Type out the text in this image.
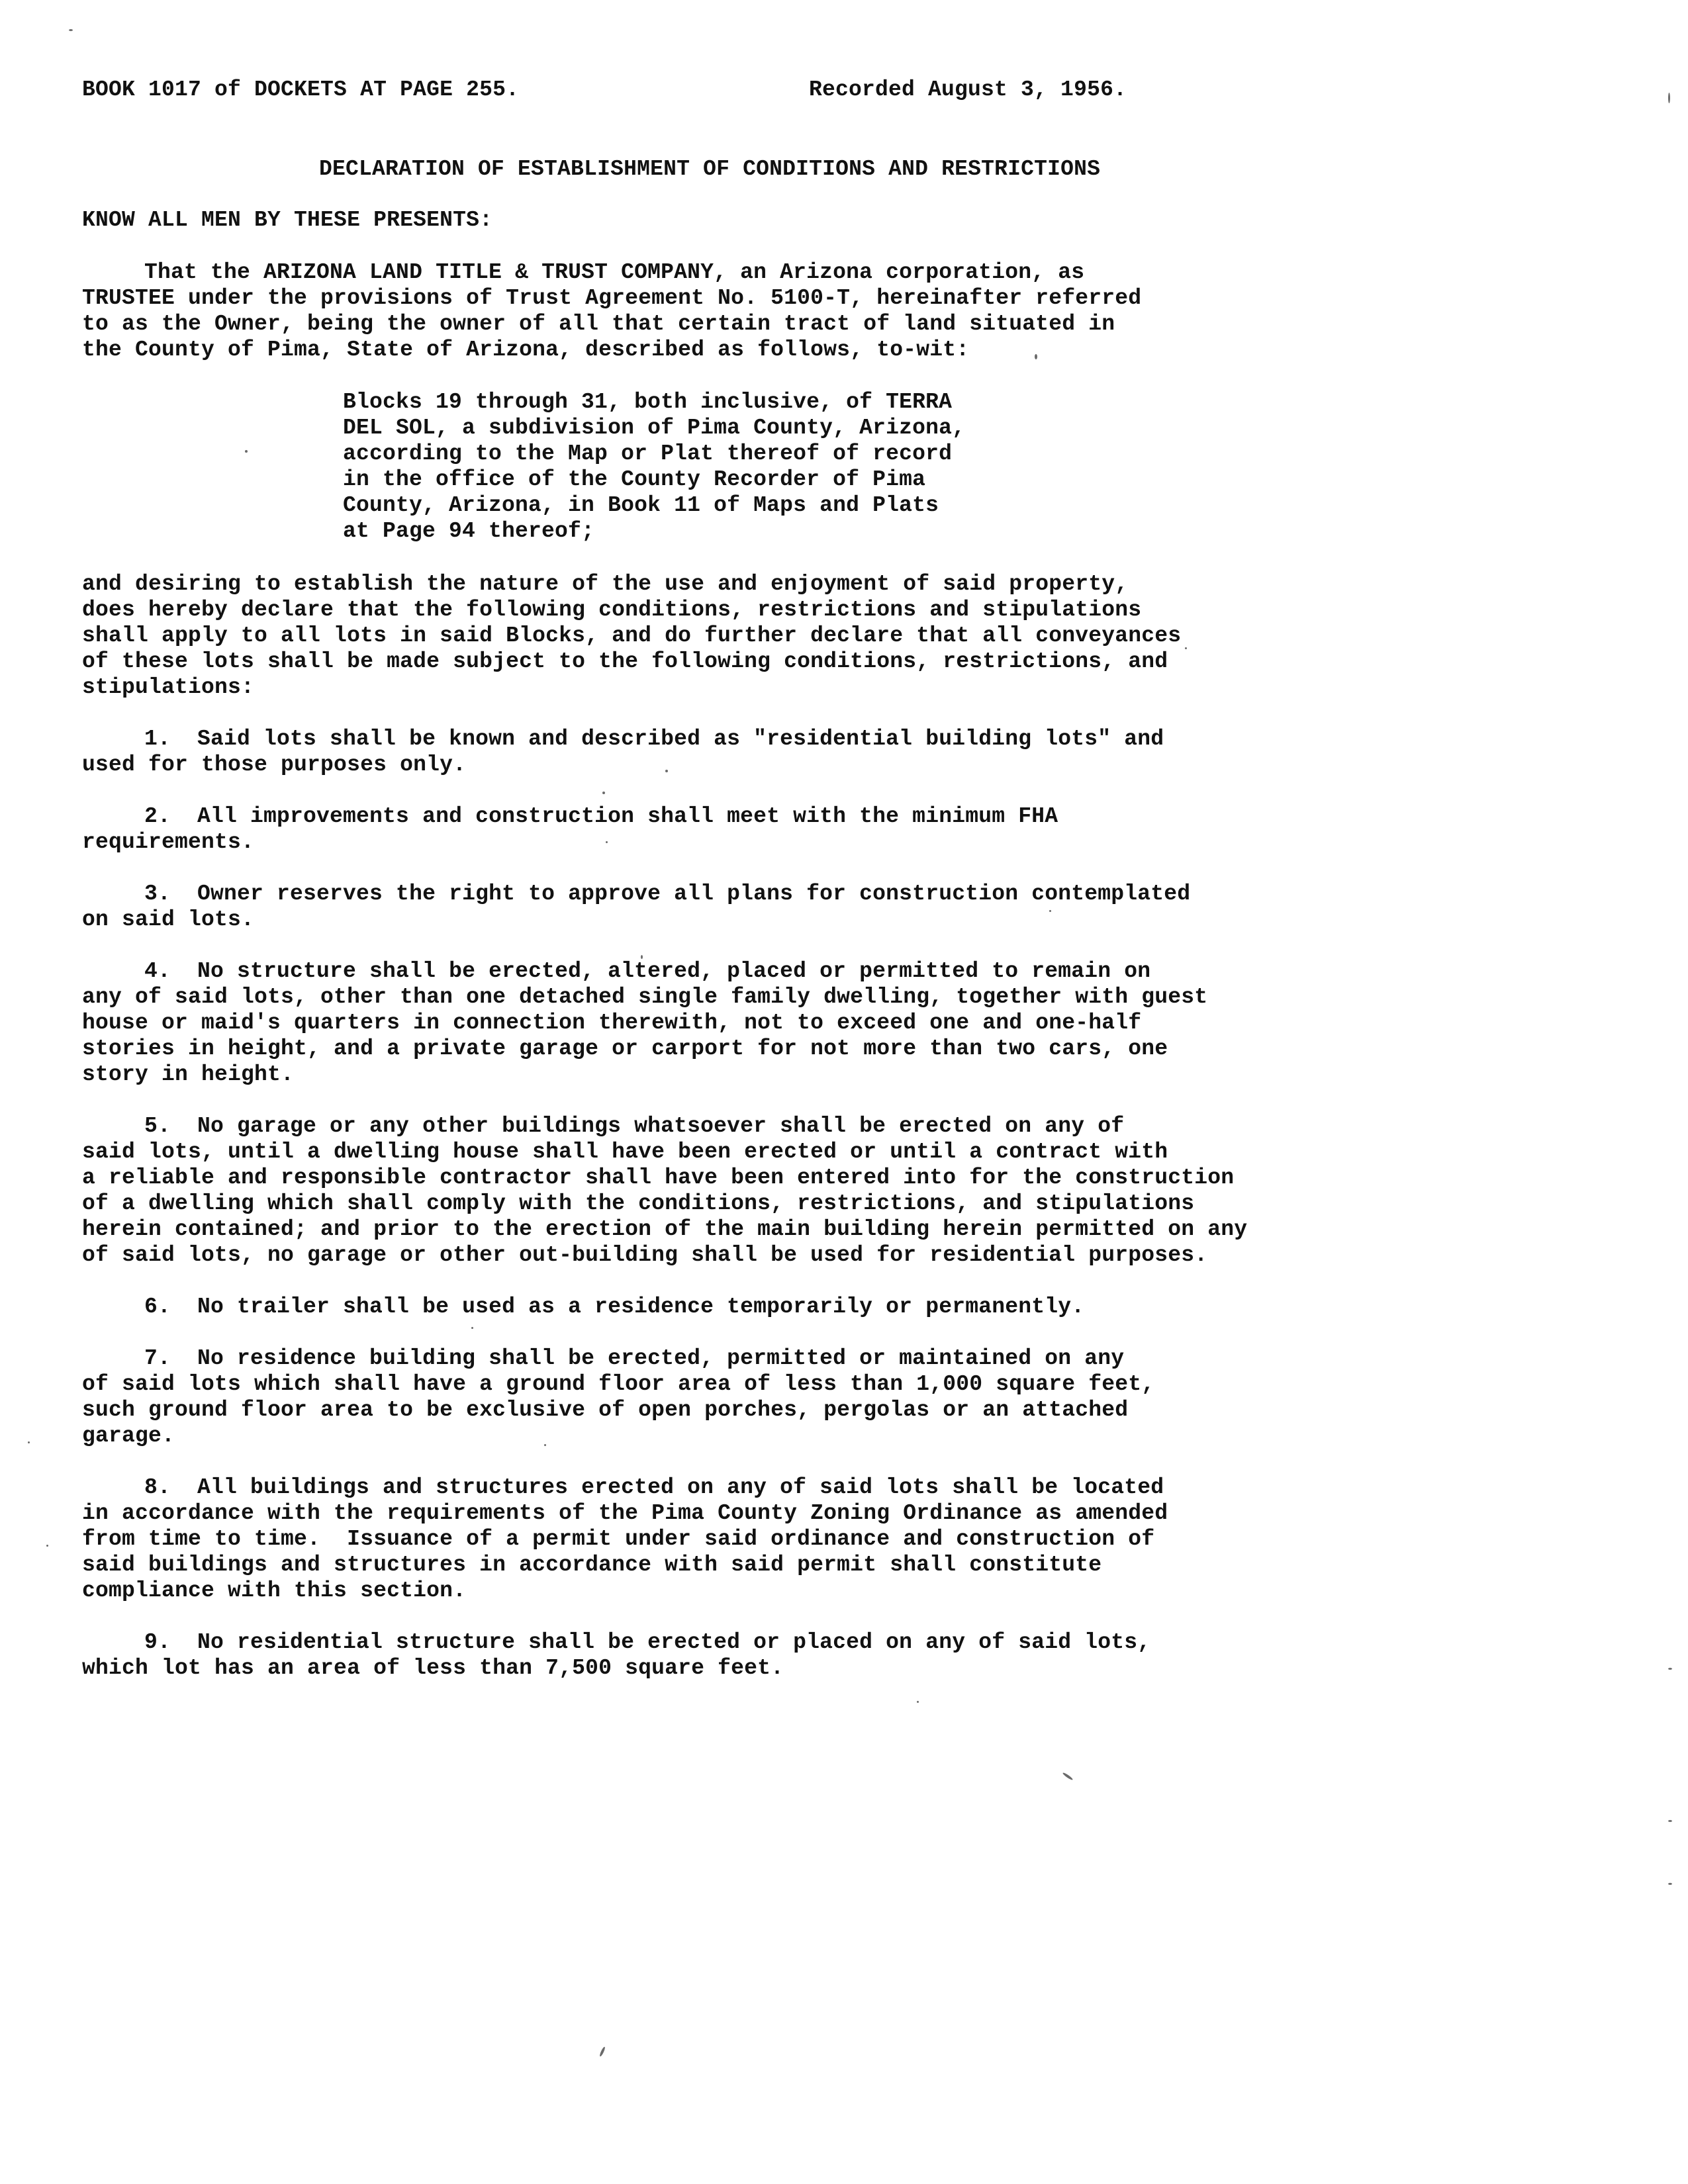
BOOK 1017 of DOCKETS AT PAGE 255.	Recorded August 3, 1956.
DECLARATION OF ESTABLISHMENT OF CONDITIONS AND RESTRICTIONS
KNOW ALL MEN BY THESE PRESENTS:
That the ARIZONA LAND TITLE & TRUST COMPANY, an Arizona corporation, as
TRUSTEE under the provisions of Trust Agreement No. 5100-T, hereinafter referred
to as the Owner, being the owner of all that certain tract of land situated in
the County of Pima, State of Arizona, described as follows, to-wit:
Blocks 19 through 31, both inclusive, of TERRA
DEL SOL, a subdivision of Pima County, Arizona,
according to the Map or Plat thereof of record
in the office of the County Recorder of Pima
County, Arizona, in Book 11 of Maps and Plats
at Page 94 thereof;
and desiring to establish the nature of the use and enjoyment of said property,
does hereby declare that the following conditions, restrictions and stipulations
shall apply to all lots in said Blocks, and do further declare that all conveyances
of these lots shall be made subject to the following conditions, restrictions, and
stipulations:
1.  Said lots shall be known and described as "residential building lots" and
used for those purposes only.
2.  All improvements and construction shall meet with the minimum FHA
requirements.
3.  Owner reserves the right to approve all plans for construction contemplated
on said lots.
4.  No structure shall be erected, altered, placed or permitted to remain on
any of said lots, other than one detached single family dwelling, together with guest
house or maid's quarters in connection therewith, not to exceed one and one-half
stories in height, and a private garage or carport for not more than two cars, one
story in height.
5.  No garage or any other buildings whatsoever shall be erected on any of
said lots, until a dwelling house shall have been erected or until a contract with
a reliable and responsible contractor shall have been entered into for the construction
of a dwelling which shall comply with the conditions, restrictions, and stipulations
herein contained; and prior to the erection of the main building herein permitted on any
of said lots, no garage or other out-building shall be used for residential purposes.
6.  No trailer shall be used as a residence temporarily or permanently.
7.  No residence building shall be erected, permitted or maintained on any
of said lots which shall have a ground floor area of less than 1,000 square feet,
such ground floor area to be exclusive of open porches, pergolas or an attached
garage.
8.  All buildings and structures erected on any of said lots shall be located
in accordance with the requirements of the Pima County Zoning Ordinance as amended
from time to time.  Issuance of a permit under said ordinance and construction of
said buildings and structures in accordance with said permit shall constitute
compliance with this section.
9.  No residential structure shall be erected or placed on any of said lots,
which lot has an area of less than 7,500 square feet.
